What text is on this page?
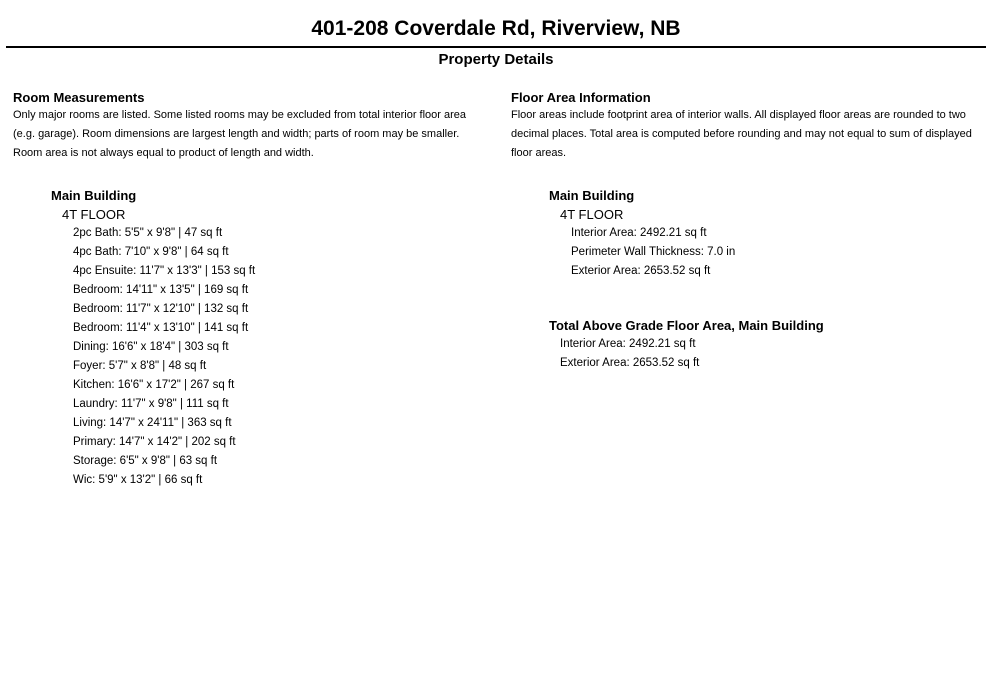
401-208 Coverdale Rd, Riverview, NB
Property Details

Room Measurements

Only major rooms are listed. Some listed rooms may be excluded from total interior floor area (e.g. garage). Room dimensions are largest length and width; parts of room may be smaller. Room area is not always equal to product of length and width.

Main Building
4T FLOOR
2pc Bath: 5'5" x 9'8" | 47 sq ft
4pc Bath: 7'10" x 9'8" | 64 sq ft
4pc Ensuite: 11'7" x 13'3" | 153 sq ft
Bedroom: 14'11" x 13'5" | 169 sq ft
Bedroom: 11'7" x 12'10" | 132 sq ft
Bedroom: 11'4" x 13'10" | 141 sq ft
Dining: 16'6" x 18'4" | 303 sq ft
Foyer: 5'7" x 8'8" | 48 sq ft
Kitchen: 16'6" x 17'2" | 267 sq ft
Laundry: 11'7" x 9'8" | 111 sq ft
Living: 14'7" x 24'11" | 363 sq ft
Primary: 14'7" x 14'2" | 202 sq ft
Storage: 6'5" x 9'8" | 63 sq ft
Wic: 5'9" x 13'2" | 66 sq ft

Floor Area Information

Floor areas include footprint area of interior walls. All displayed floor areas are rounded to two decimal places. Total area is computed before rounding and may not equal to sum of displayed floor areas.

Main Building
4T FLOOR
Interior Area: 2492.21 sq ft
Perimeter Wall Thickness: 7.0 in
Exterior Area: 2653.52 sq ft
Total Above Grade Floor Area, Main Building
Interior Area: 2492.21 sq ft
Exterior Area: 2653.52 sq ft
